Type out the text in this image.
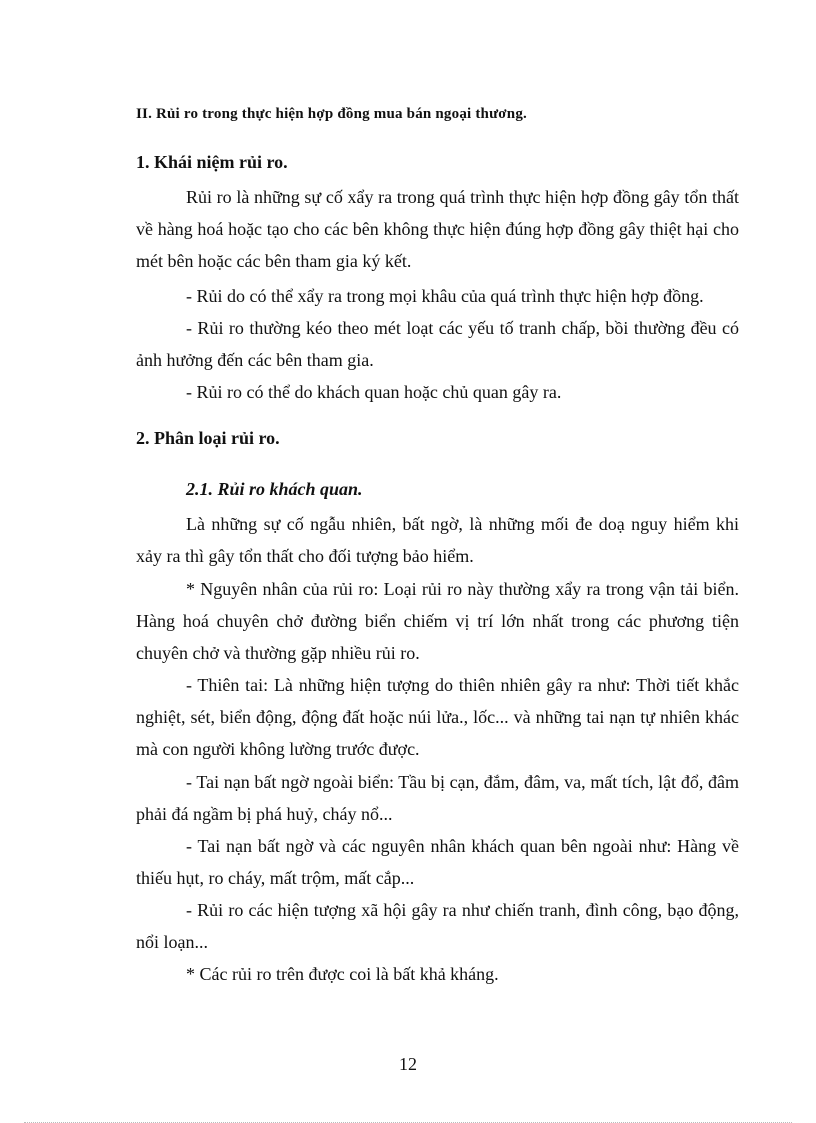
II. Rủi ro trong thực hiện hợp đồng mua bán ngoại thương.
1. Khái niệm rủi ro.

Rủi ro là những sự cố xẩy ra trong quá trình thực hiện hợp đồng gây tổn thất về hàng hoá hoặc tạo cho các bên không thực hiện đúng hợp đồng gây thiệt hại cho mét bên hoặc các bên tham gia ký kết.

- Rủi do có thể xẩy ra trong mọi khâu của quá trình thực hiện hợp đồng.

- Rủi ro thường kéo theo mét loạt các yếu tố tranh chấp, bồi thường đều có ảnh hưởng đến các bên tham gia.

- Rủi ro có thể do khách quan hoặc chủ quan gây ra.

2. Phân loại rủi ro.
2.1. Rủi ro khách quan.

Là những sự cố ngẫu nhiên, bất ngờ, là những mối đe doạ nguy hiểm khi xảy ra thì gây tổn thất cho đối tượng bảo hiểm.

* Nguyên nhân của rủi ro: Loại rủi ro này thường xẩy ra trong vận tải biển. Hàng hoá chuyên chở đường biển chiếm vị trí lớn nhất trong các phương tiện chuyên chở và thường gặp nhiều rủi ro.

- Thiên tai: Là những hiện tượng do thiên nhiên gây ra như: Thời tiết khắc nghiệt, sét, biển động, động đất hoặc núi lửa., lốc... và những tai nạn tự nhiên khác mà con người không lường trước được.

- Tai nạn bất ngờ ngoài biển: Tầu bị cạn, đắm, đâm, va, mất tích, lật đổ, đâm phải đá ngầm bị phá huỷ, cháy nổ...

- Tai nạn bất ngờ và các nguyên nhân khách quan bên ngoài như: Hàng về thiếu hụt, ro cháy, mất trộm, mất cắp...

- Rủi ro các hiện tượng xã hội gây ra như chiến tranh, đình công, bạo động, nổi loạn...

* Các rủi ro trên được coi là bất khả kháng.

12
